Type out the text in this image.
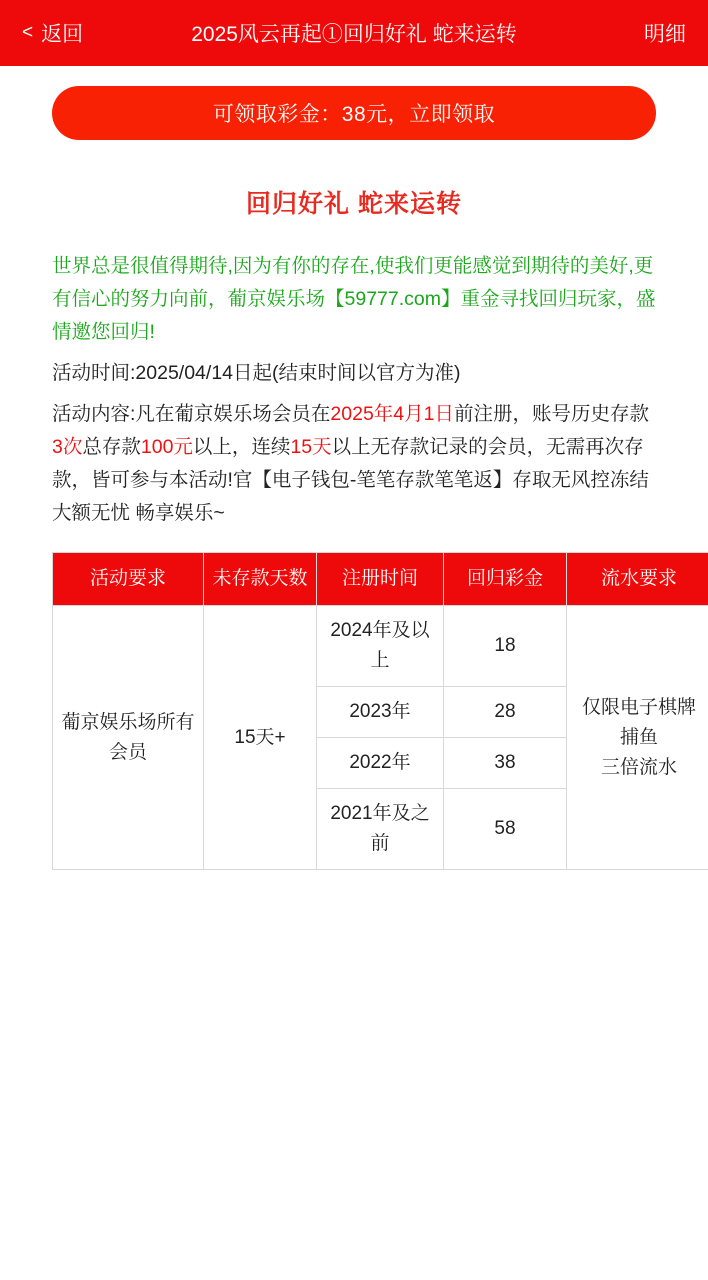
< 返回	2025风云再起①回归好礼 蛇来运转	明细
可领取彩金：38元，立即领取
回归好礼 蛇来运转
世界总是很值得期待,因为有你的存在,使我们更能感觉到期待的美好,更有信心的努力向前，葡京娱乐场【59777.com】重金寻找回归玩家，盛情邀您回归!
活动时间:2025/04/14日起(结束时间以官方为准)
活动内容:凡在葡京娱乐场会员在2025年4月1日前注册，账号历史存款3次总存款100元以上，连续15天以上无存款记录的会员，无需再次存款，皆可参与本活动!官【电子钱包-笔笔存款笔笔返】存取无风控冻结大额无忧 畅享娱乐~
活动要求	未存款天数	注册时间	回归彩金	流水要求
葡京娱乐场所有会员	15天+	2024年及以上	18	仅限电子棋牌
捕鱼
三倍流水

		2023年	28	
		2022年	38	
		2021年及之前	58	
